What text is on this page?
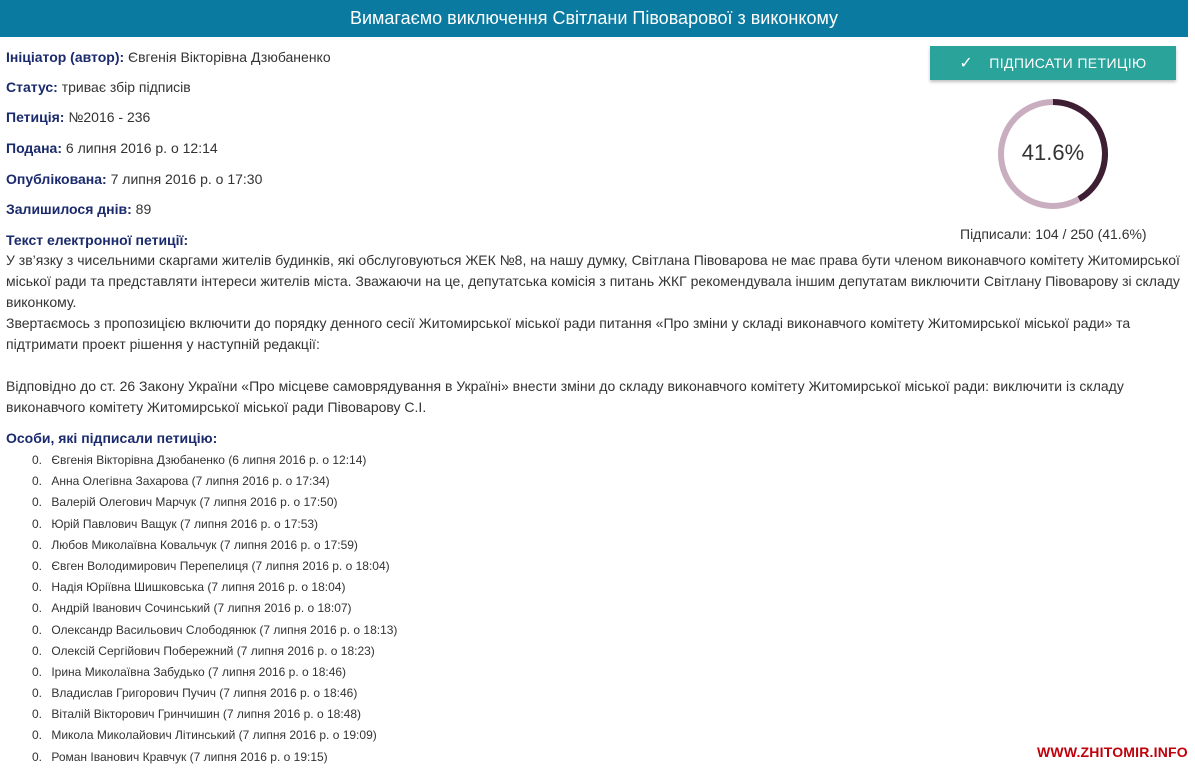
Вимагаємо виключення Світлани Півоварової з виконкому
Ініціатор (автор): Євгенія Вікторівна Дзюбаненко
Статус: триває збір підписів
Петиція: №2016 - 236
Подана: 6 липня 2016 р. о 12:14
Опублікована: 7 липня 2016 р. о 17:30
Залишилося днів: 89
✓ ПІДПИСАТИ ПЕТИЦІЮ
41.6%
Підписали: 104 / 250 (41.6%)
Текст електронної петиції:

У зв’язку з чисельними скаргами жителів будинків, які обслуговуються ЖЕК №8, на нашу думку, Світлана Півоварова не має права бути членом виконавчого комітету Житомирської міської ради та представляти інтереси жителів міста. Зважаючи на це, депутатська комісія з питань ЖКГ рекомендувала іншим депутатам виключити Світлану Півоварову зі складу виконкому.

Звертаємось з пропозицією включити до порядку денного сесії Житомирської міської ради питання «Про зміни у складі виконавчого комітету Житомирської міської ради» та підтримати проект рішення у наступній редакції:

Відповідно до ст. 26 Закону України «Про місцеве самоврядування в Україні» внести зміни до складу виконавчого комітету Житомирської міської ради: виключити із складу виконавчого комітету Житомирської міської ради Півоварову С.І.

Особи, які підписали петицію:
0. Євгенія Вікторівна Дзюбаненко (6 липня 2016 р. о 12:14)
0. Анна Олегівна Захарова (7 липня 2016 р. о 17:34)
0. Валерій Олегович Марчук (7 липня 2016 р. о 17:50)
0. Юрій Павлович Ващук (7 липня 2016 р. о 17:53)
0. Любов Миколаївна Ковальчук (7 липня 2016 р. о 17:59)
0. Євген Володимирович Перепелиця (7 липня 2016 р. о 18:04)
0. Надія Юріївна Шишковська (7 липня 2016 р. о 18:04)
0. Андрій Іванович Сочинський (7 липня 2016 р. о 18:07)
0. Олександр Васильович Слободянюк (7 липня 2016 р. о 18:13)
0. Олексій Сергійович Побережний (7 липня 2016 р. о 18:23)
0. Ірина Миколаївна Забудько (7 липня 2016 р. о 18:46)
0. Владислав Григорович Пучич (7 липня 2016 р. о 18:46)
0. Віталій Вікторович Гринчишин (7 липня 2016 р. о 18:48)
0. Микола Миколайович Літинський (7 липня 2016 р. о 19:09)
0. Роман Іванович Кравчук (7 липня 2016 р. о 19:15)	WWW.ZHITOMIR.INFO
